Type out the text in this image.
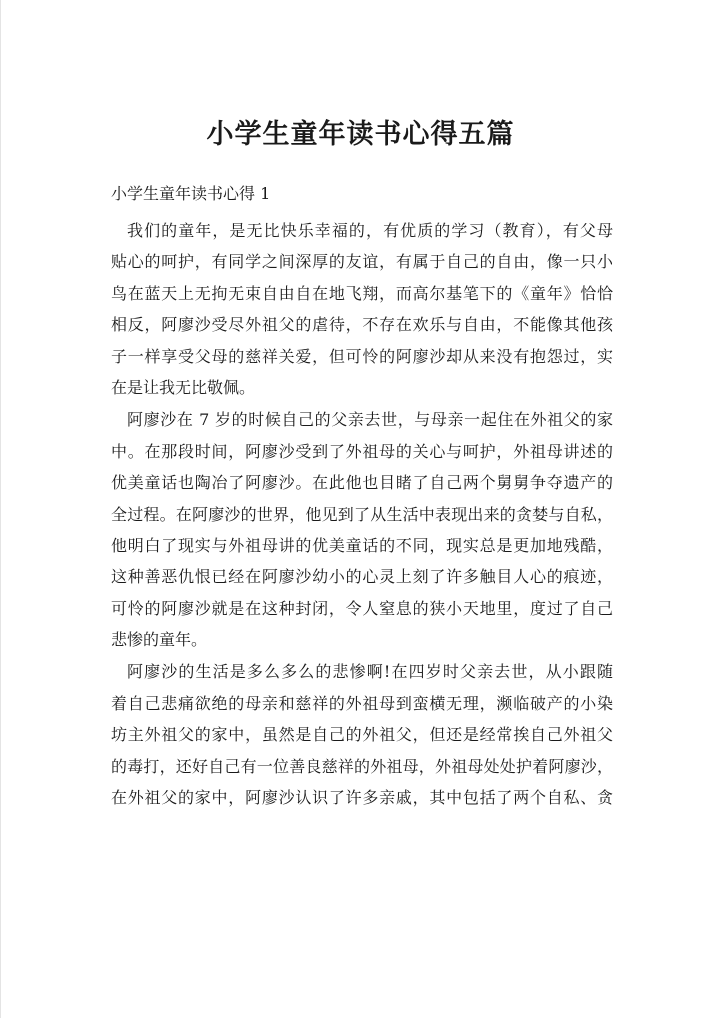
小学生童年读书心得五篇
小学生童年读书心得 1
我们的童年，是无比快乐幸福的，有优质的学习（教育），有父母
贴心的呵护，有同学之间深厚的友谊，有属于自己的自由，像一只小
鸟在蓝天上无拘无束自由自在地飞翔，而高尔基笔下的《童年》恰恰
相反，阿廖沙受尽外祖父的虐待，不存在欢乐与自由，不能像其他孩
子一样享受父母的慈祥关爱，但可怜的阿廖沙却从来没有抱怨过，实
在是让我无比敬佩。
阿廖沙在 7 岁的时候自己的父亲去世，与母亲一起住在外祖父的家
中。在那段时间，阿廖沙受到了外祖母的关心与呵护，外祖母讲述的
优美童话也陶冶了阿廖沙。在此他也目睹了自己两个舅舅争夺遗产的
全过程。在阿廖沙的世界，他见到了从生活中表现出来的贪婪与自私，
他明白了现实与外祖母讲的优美童话的不同，现实总是更加地残酷，
这种善恶仇恨已经在阿廖沙幼小的心灵上刻了许多触目人心的痕迹，
可怜的阿廖沙就是在这种封闭，令人窒息的狭小天地里，度过了自己
悲惨的童年。
阿廖沙的生活是多么多么的悲惨啊!在四岁时父亲去世，从小跟随
着自己悲痛欲绝的母亲和慈祥的外祖母到蛮横无理，濒临破产的小染
坊主外祖父的家中，虽然是自己的外祖父，但还是经常挨自己外祖父
的毒打，还好自己有一位善良慈祥的外祖母，外祖母处处护着阿廖沙，
在外祖父的家中，阿廖沙认识了许多亲戚，其中包括了两个自私、贪
